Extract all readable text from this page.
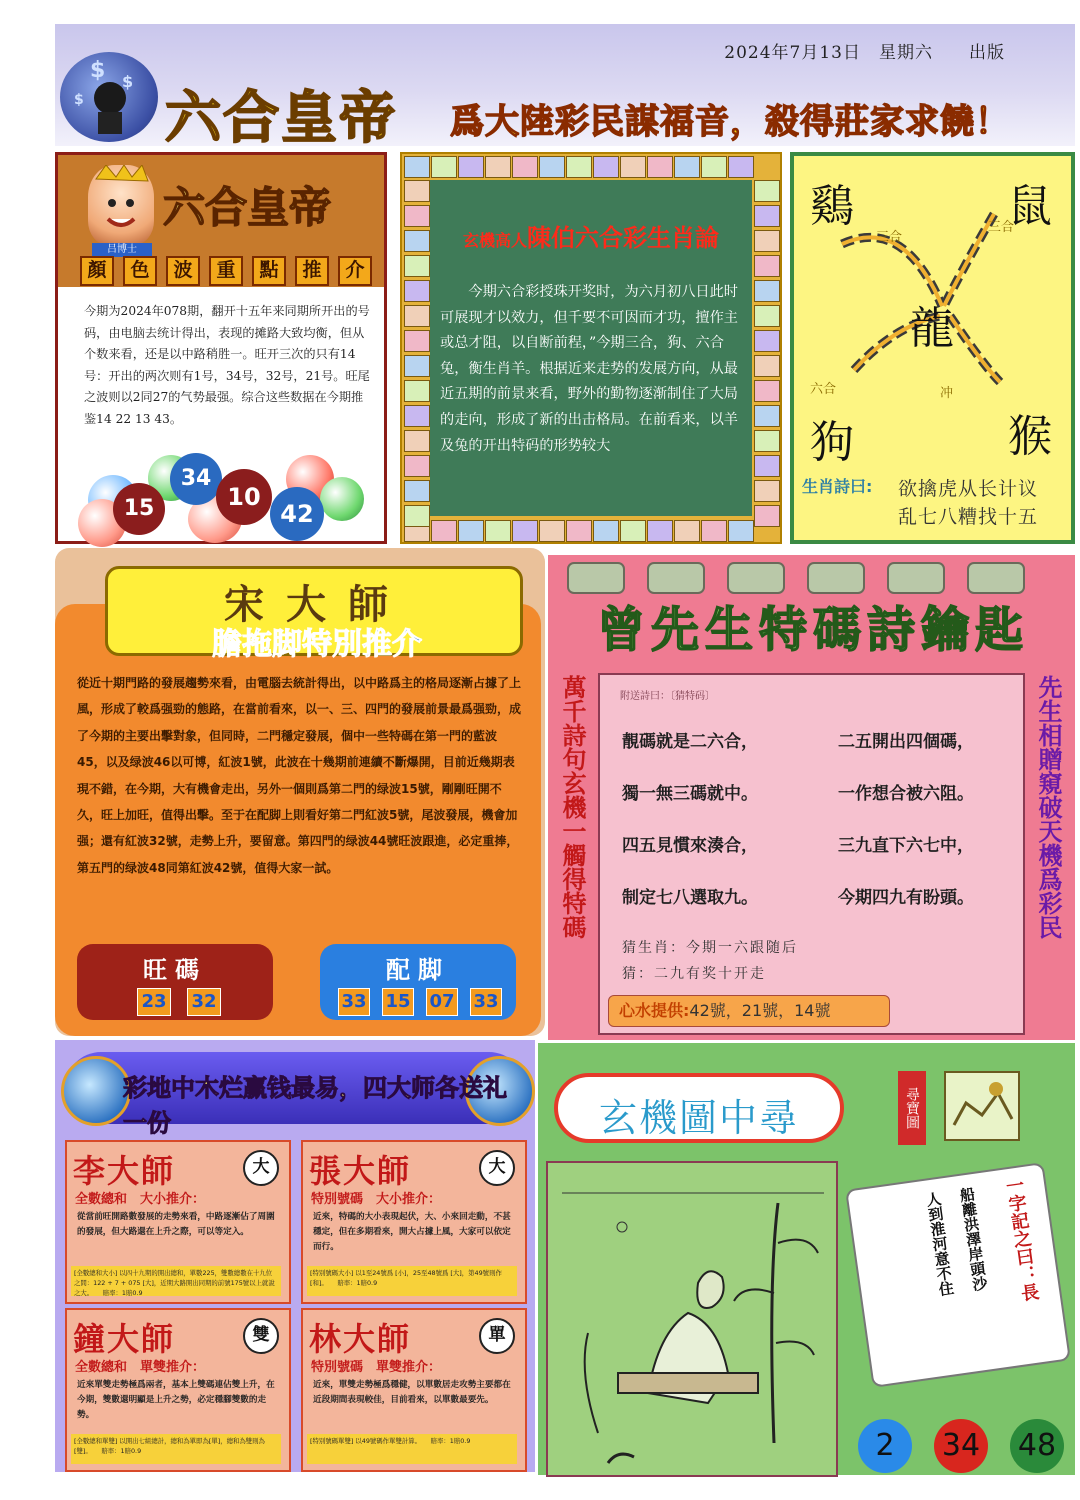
$ $
$
2024年7月13日　星期六　　出版
六合皇帝 爲大陸彩民謀福音，殺得莊家求饒！
吕博士
六合皇帝
顏	色	波	重	點	推	介
今期为2024年078期，翻开十五年来同期所开出的号码，由电脑去统计得出，表现的摊路大致均衡，但从个数来看，还是以中路稍胜一。旺开三次的只有14号：开出的两次则有1号，34号，32号，21号。旺尾之波则以2同27的气势最强。综合这些数据在今期推鉴14 22 13 43。
15
34
10
42
玄機高人陳伯六合彩生肖論
今期六合彩授珠开奖时，为六月初八日此时可展现才以效力，但千要不可因而才功，擅作主或总才阻，以自断前程，”今期三合，狗、六合兔，衡生肖羊。根据近来走势的发展方向，从最近五期的前景来看，野外的勤物逐渐制住了大局的走向，形成了新的出击格局。在前看来，以羊及兔的开出特码的形势较大
鷄	鼠
龍
狗	猴
三合
三合
六合	冲
生肖詩曰: 欲擒虎从长计议
乱七八糟找十五
宋大師
膽拖脚特別推介
從近十期門路的發展趨勢來看，由電腦去統計得出，以中路爲主的格局逐漸占據了上風，形成了較爲强勁的態路，在當前看來，以一、三、四門的發展前景最爲强勁，成了今期的主要出擊對象，但同時，二門穩定發展，個中一些特碼在第一門的藍波45，以及绿波46以可博，紅波1號，此波在十幾期前連續不斷爆開，目前近幾期表現不錯，在今期，大有機會走出，另外一個則爲第二門的绿波15號，剛剛旺開不久，旺上加旺，值得出擊。至于在配脚上則看好第二門紅波5號，尾波發展，機會加强；還有紅波32號，走勢上升，要留意。第四門的绿波44號旺波跟進，必定重捧，第五門的绿波48同第紅波42號，值得大家一試。
旺碼
23 32
配脚
33 15 07 33
曾先生特碼詩鑰匙
萬千詩句玄機一觸得特碼	先生相贈窺破天機爲彩民
附送詩曰：〔猜特码〕
靚碼就是二六合，	二五開出四個碼，
獨一無三碼就中。	一作想合被六阻。
四五見慣來湊合，	三九直下六七中，
制定七八選取九。	今期四九有盼頭。
猜生肖：今期一六跟随后
猜：二九有奖十开走
心水提供:42號，21號，14號
彩地中木烂赢钱最易，四大师各送礼一份
李大師	大
全數總和　大小推介：
從當前旺開路數發展的走勢來看，中路逐漸佔了周圍的發展，但大路還在上升之際，可以等定入。
[全數總和大小] 以四十九期的開出總和，單數225，雙數總數在十九位之間：122 + 7 + 075 [大]，近期大路開出同期的前號175號以上就說之大。　　賠率：1賠0.9
張大師	大
特別號碼　大小推介：
近來，特碼的大小表現起伏，大、小來回走動，不甚穩定，但在多期看來，開大占據上風，大家可以依定而行。
[特別號碼大小] 以1至24號爲 [小]，25至48號爲 [大]，第49號則作 [和]。　　賠率：1賠0.9
鐘大師	雙
全數總和　單雙推介：
近來單雙走勢極爲兩者，基本上雙碼連佔雙上升，在今期，雙數還明顯是上升之勢，必定穩腳雙數的走勢。
[全數總和單雙] 以開出七組總計，總和為單即為[單]，總和為雙則為[雙]。　　賠率：1賠0.9
林大師	單
特別號碼　單雙推介：
近來，單雙走勢極爲穩健，以單數居走攻勢主要都在近段期間表現較佳，目前看來，以單數最要先。
[特別號碼單雙] 以49號碼作單雙計算。　　賠率：1賠0.9
玄機圖中尋	尋寶圖
一字記之曰：長
船離洪澤岸頭沙
人到淮河意不住
2	34 48
